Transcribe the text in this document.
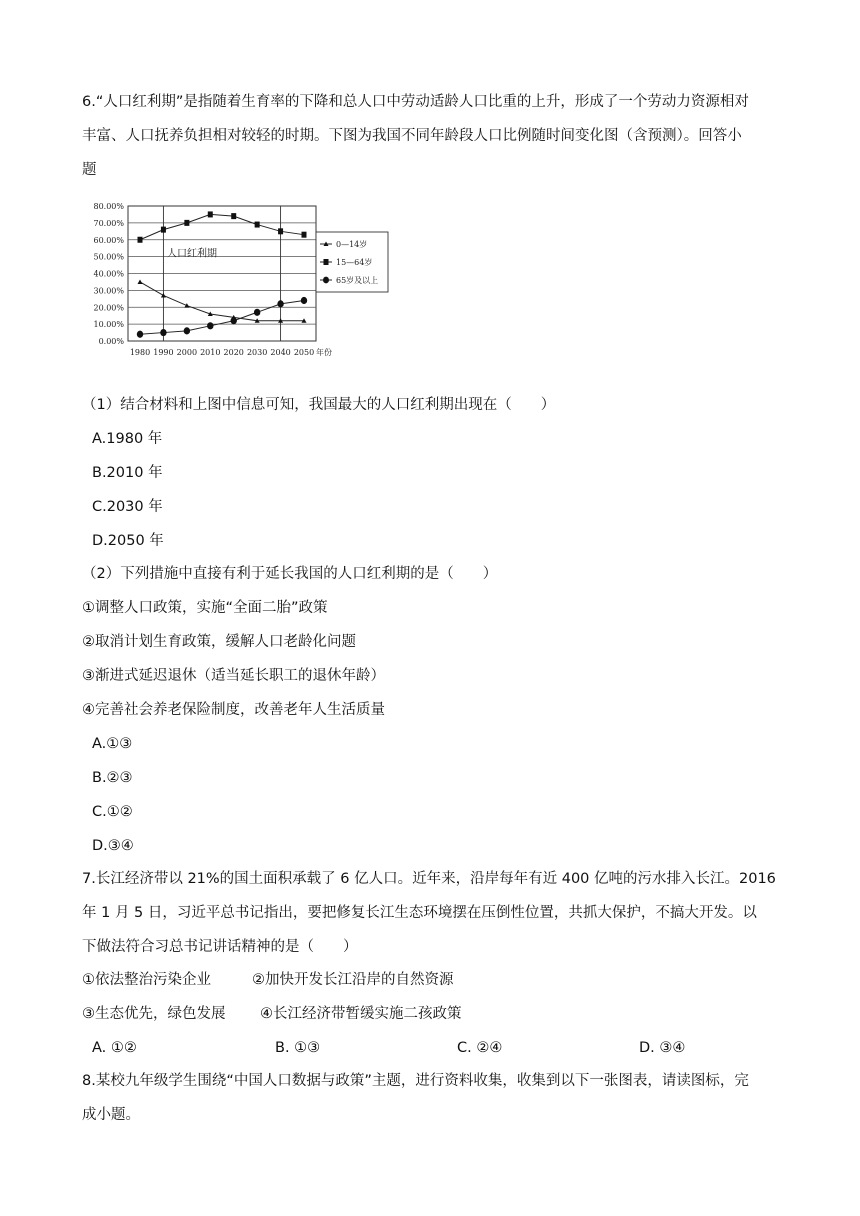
6.“人口红利期”是指随着生育率的下降和总人口中劳动适龄人口比重的上升，形成了一个劳动力资源相对
丰富、人口抚养负担相对较轻的时期。下图为我国不同年龄段人口比例随时间变化图（含预测）。回答小
题
80.00%
70.00%
60.00%
50.00%
40.00%
30.00%
20.00%
10.00%
0.00%
人口红利期
1980 1990 2000 2010 2020 2030 2040 2050 年份
0—14岁
15—64岁
65岁及以上
（1）结合材料和上图中信息可知，我国最大的人口红利期出现在（　　）
A.1980 年
B.2010 年
C.2030 年
D.2050 年
（2）下列措施中直接有利于延长我国的人口红利期的是（　　）
①调整人口政策，实施“全面二胎”政策
②取消计划生育政策，缓解人口老龄化问题
③渐进式延迟退休（适当延长职工的退休年龄）
④完善社会养老保险制度，改善老年人生活质量
A.①③
B.②③
C.①②
D.③④
7.长江经济带以 21%的国土面积承载了 6 亿人口。近年来，沿岸每年有近 400 亿吨的污水排入长江。2016
年 1 月 5 日，习近平总书记指出，要把修复长江生态环境摆在压倒性位置，共抓大保护，不搞大开发。以
下做法符合习总书记讲话精神的是（　　）
①依法整治污染企业	②加快开发长江沿岸的自然资源
③生态优先，绿色发展 ④长江经济带暂缓实施二孩政策
A. ①②	B. ①③	C. ②④	D. ③④
8.某校九年级学生围绕“中国人口数据与政策”主题，进行资料收集，收集到以下一张图表，请读图标，完
成小题。
